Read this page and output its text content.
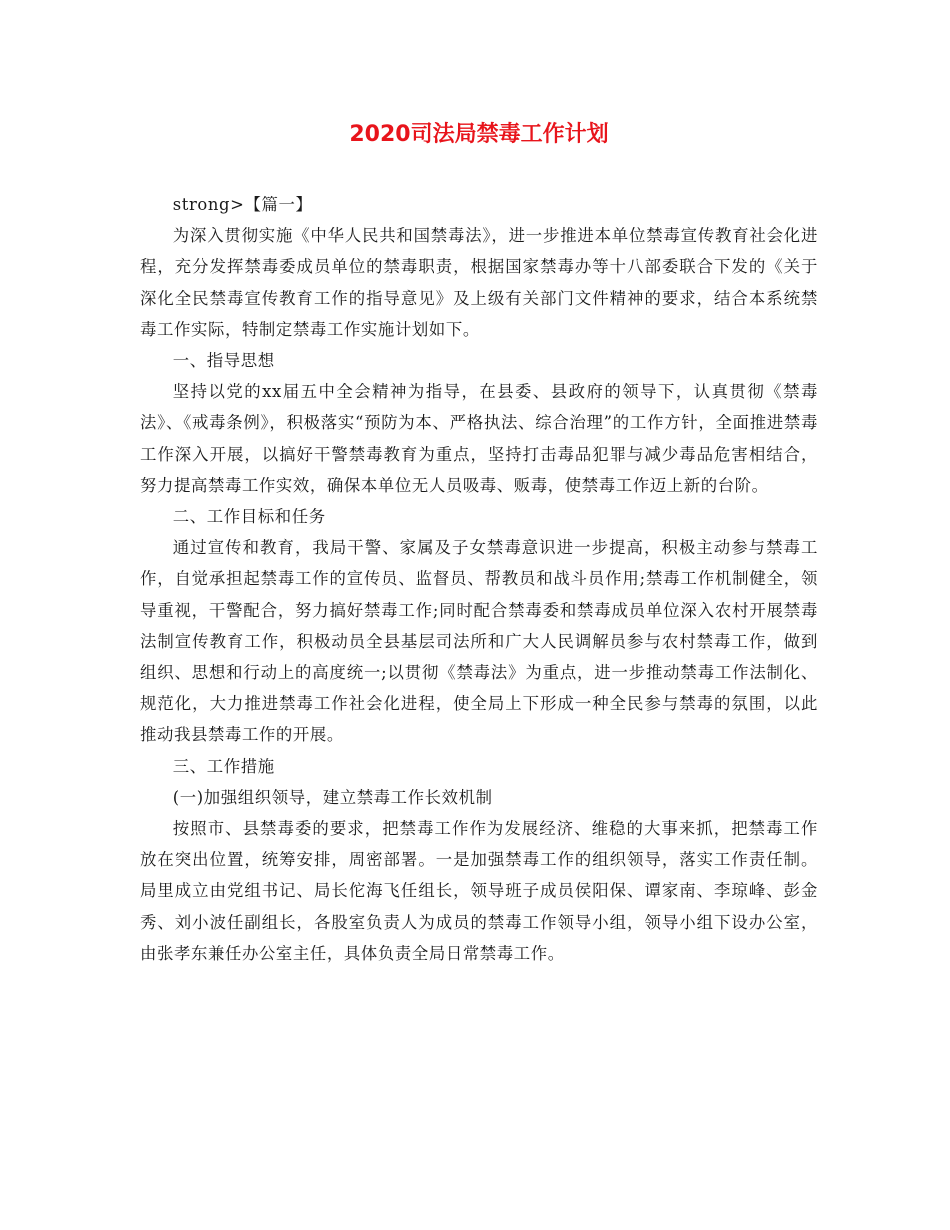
2020司法局禁毒工作计划

strong>【篇一】

为深入贯彻实施《中华人民共和国禁毒法》，进一步推进本单位禁毒宣传教育社会化进程，充分发挥禁毒委成员单位的禁毒职责，根据国家禁毒办等十八部委联合下发的《关于深化全民禁毒宣传教育工作的指导意见》及上级有关部门文件精神的要求，结合本系统禁毒工作实际，特制定禁毒工作实施计划如下。

一、指导思想

坚持以党的xx届五中全会精神为指导，在县委、县政府的领导下，认真贯彻《禁毒法》、《戒毒条例》，积极落实“预防为本、严格执法、综合治理”的工作方针，全面推进禁毒工作深入开展，以搞好干警禁毒教育为重点，坚持打击毒品犯罪与减少毒品危害相结合，努力提高禁毒工作实效，确保本单位无人员吸毒、贩毒，使禁毒工作迈上新的台阶。

二、工作目标和任务

通过宣传和教育，我局干警、家属及子女禁毒意识进一步提高，积极主动参与禁毒工作，自觉承担起禁毒工作的宣传员、监督员、帮教员和战斗员作用;禁毒工作机制健全，领导重视，干警配合，努力搞好禁毒工作;同时配合禁毒委和禁毒成员单位深入农村开展禁毒法制宣传教育工作，积极动员全县基层司法所和广大人民调解员参与农村禁毒工作，做到组织、思想和行动上的高度统一;以贯彻《禁毒法》为重点，进一步推动禁毒工作法制化、规范化，大力推进禁毒工作社会化进程，使全局上下形成一种全民参与禁毒的氛围，以此推动我县禁毒工作的开展。

三、工作措施

(一)加强组织领导，建立禁毒工作长效机制

按照市、县禁毒委的要求，把禁毒工作作为发展经济、维稳的大事来抓，把禁毒工作放在突出位置，统筹安排，周密部署。一是加强禁毒工作的组织领导，落实工作责任制。局里成立由党组书记、局长佗海飞任组长，领导班子成员侯阳保、谭家南、李琼峰、彭金秀、刘小波任副组长，各股室负责人为成员的禁毒工作领导小组，领导小组下设办公室，由张孝东兼任办公室主任，具体负责全局日常禁毒工作。
